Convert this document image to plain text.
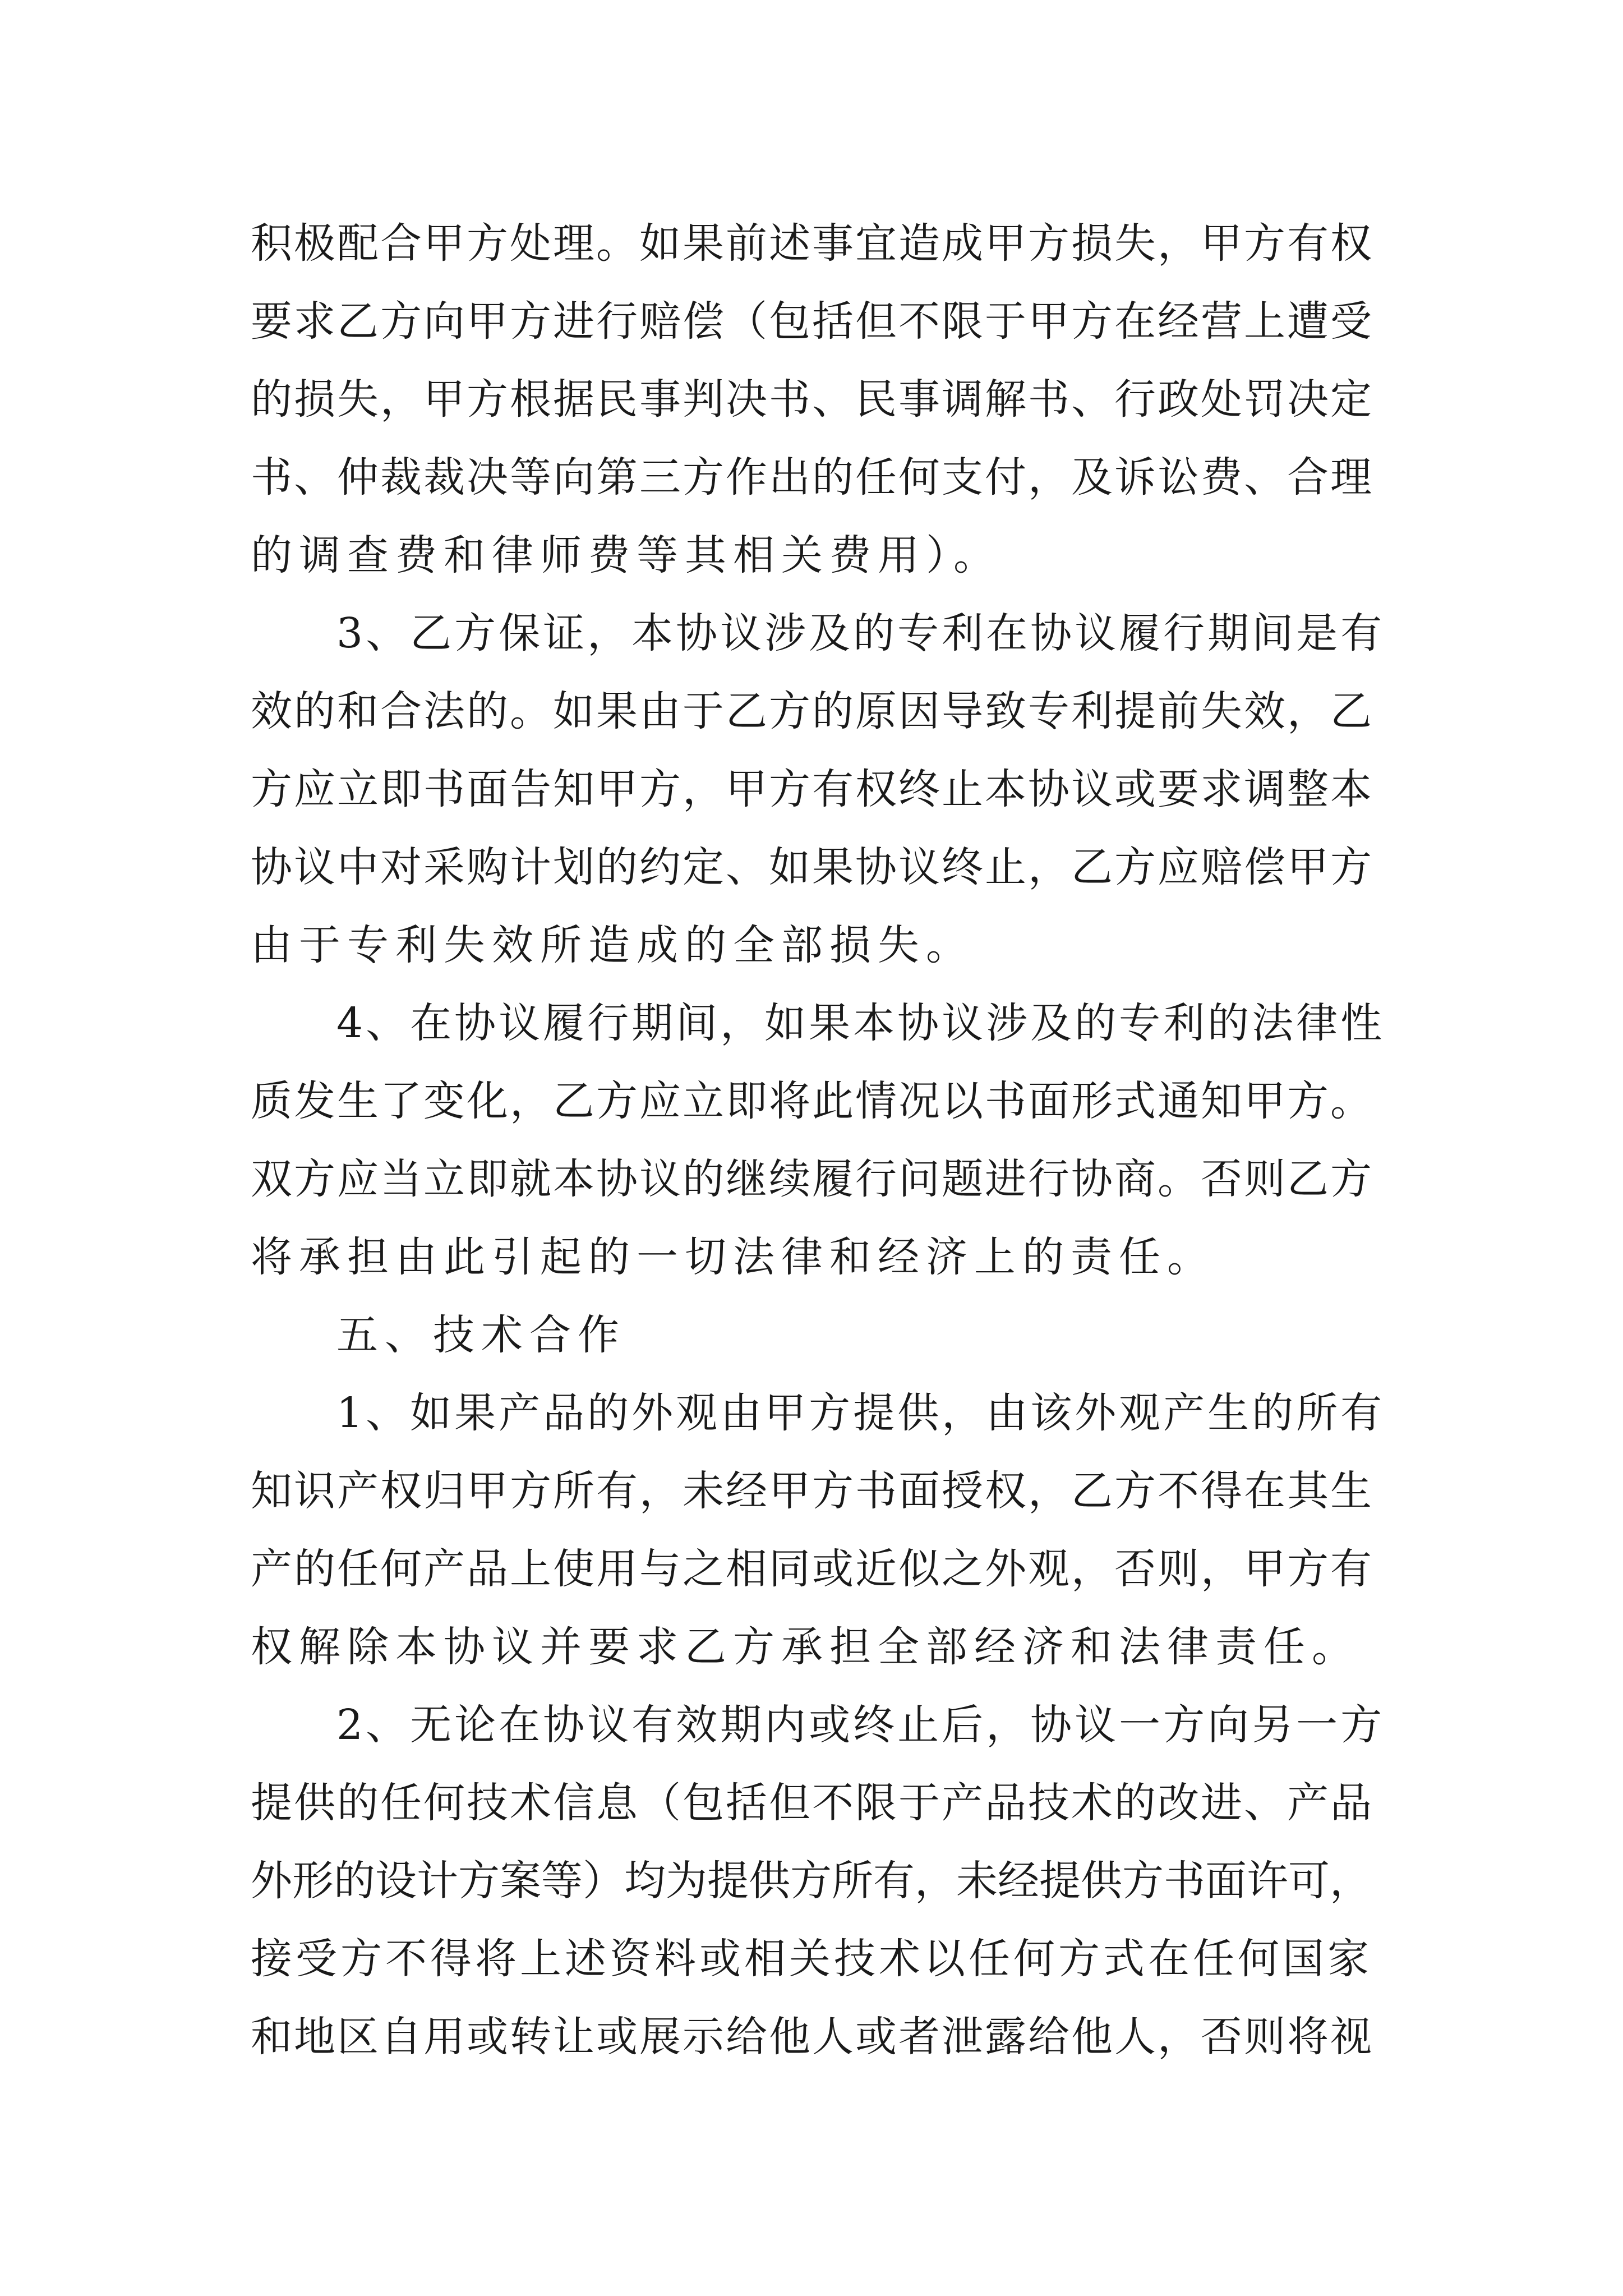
积极配合甲方处理。如果前述事宜造成甲方损失，甲方有权
要求乙方向甲方进行赔偿（包括但不限于甲方在经营上遭受
的损失，甲方根据民事判决书、民事调解书、行政处罚决定
书、仲裁裁决等向第三方作出的任何支付，及诉讼费、合理
的调查费和律师费等其相关费用）。
3、乙方保证，本协议涉及的专利在协议履行期间是有
效的和合法的。如果由于乙方的原因导致专利提前失效，乙
方应立即书面告知甲方，甲方有权终止本协议或要求调整本
协议中对采购计划的约定、如果协议终止，乙方应赔偿甲方
由于专利失效所造成的全部损失。
4、在协议履行期间，如果本协议涉及的专利的法律性
质发生了变化，乙方应立即将此情况以书面形式通知甲方。
双方应当立即就本协议的继续履行问题进行协商。否则乙方
将承担由此引起的一切法律和经济上的责任。
五、技术合作
1、如果产品的外观由甲方提供，由该外观产生的所有
知识产权归甲方所有，未经甲方书面授权，乙方不得在其生
产的任何产品上使用与之相同或近似之外观，否则，甲方有
权解除本协议并要求乙方承担全部经济和法律责任。
2、无论在协议有效期内或终止后，协议一方向另一方
提供的任何技术信息（包括但不限于产品技术的改进、产品
外形的设计方案等）均为提供方所有，未经提供方书面许可，
接受方不得将上述资料或相关技术以任何方式在任何国家
和地区自用或转让或展示给他人或者泄露给他人，否则将视
